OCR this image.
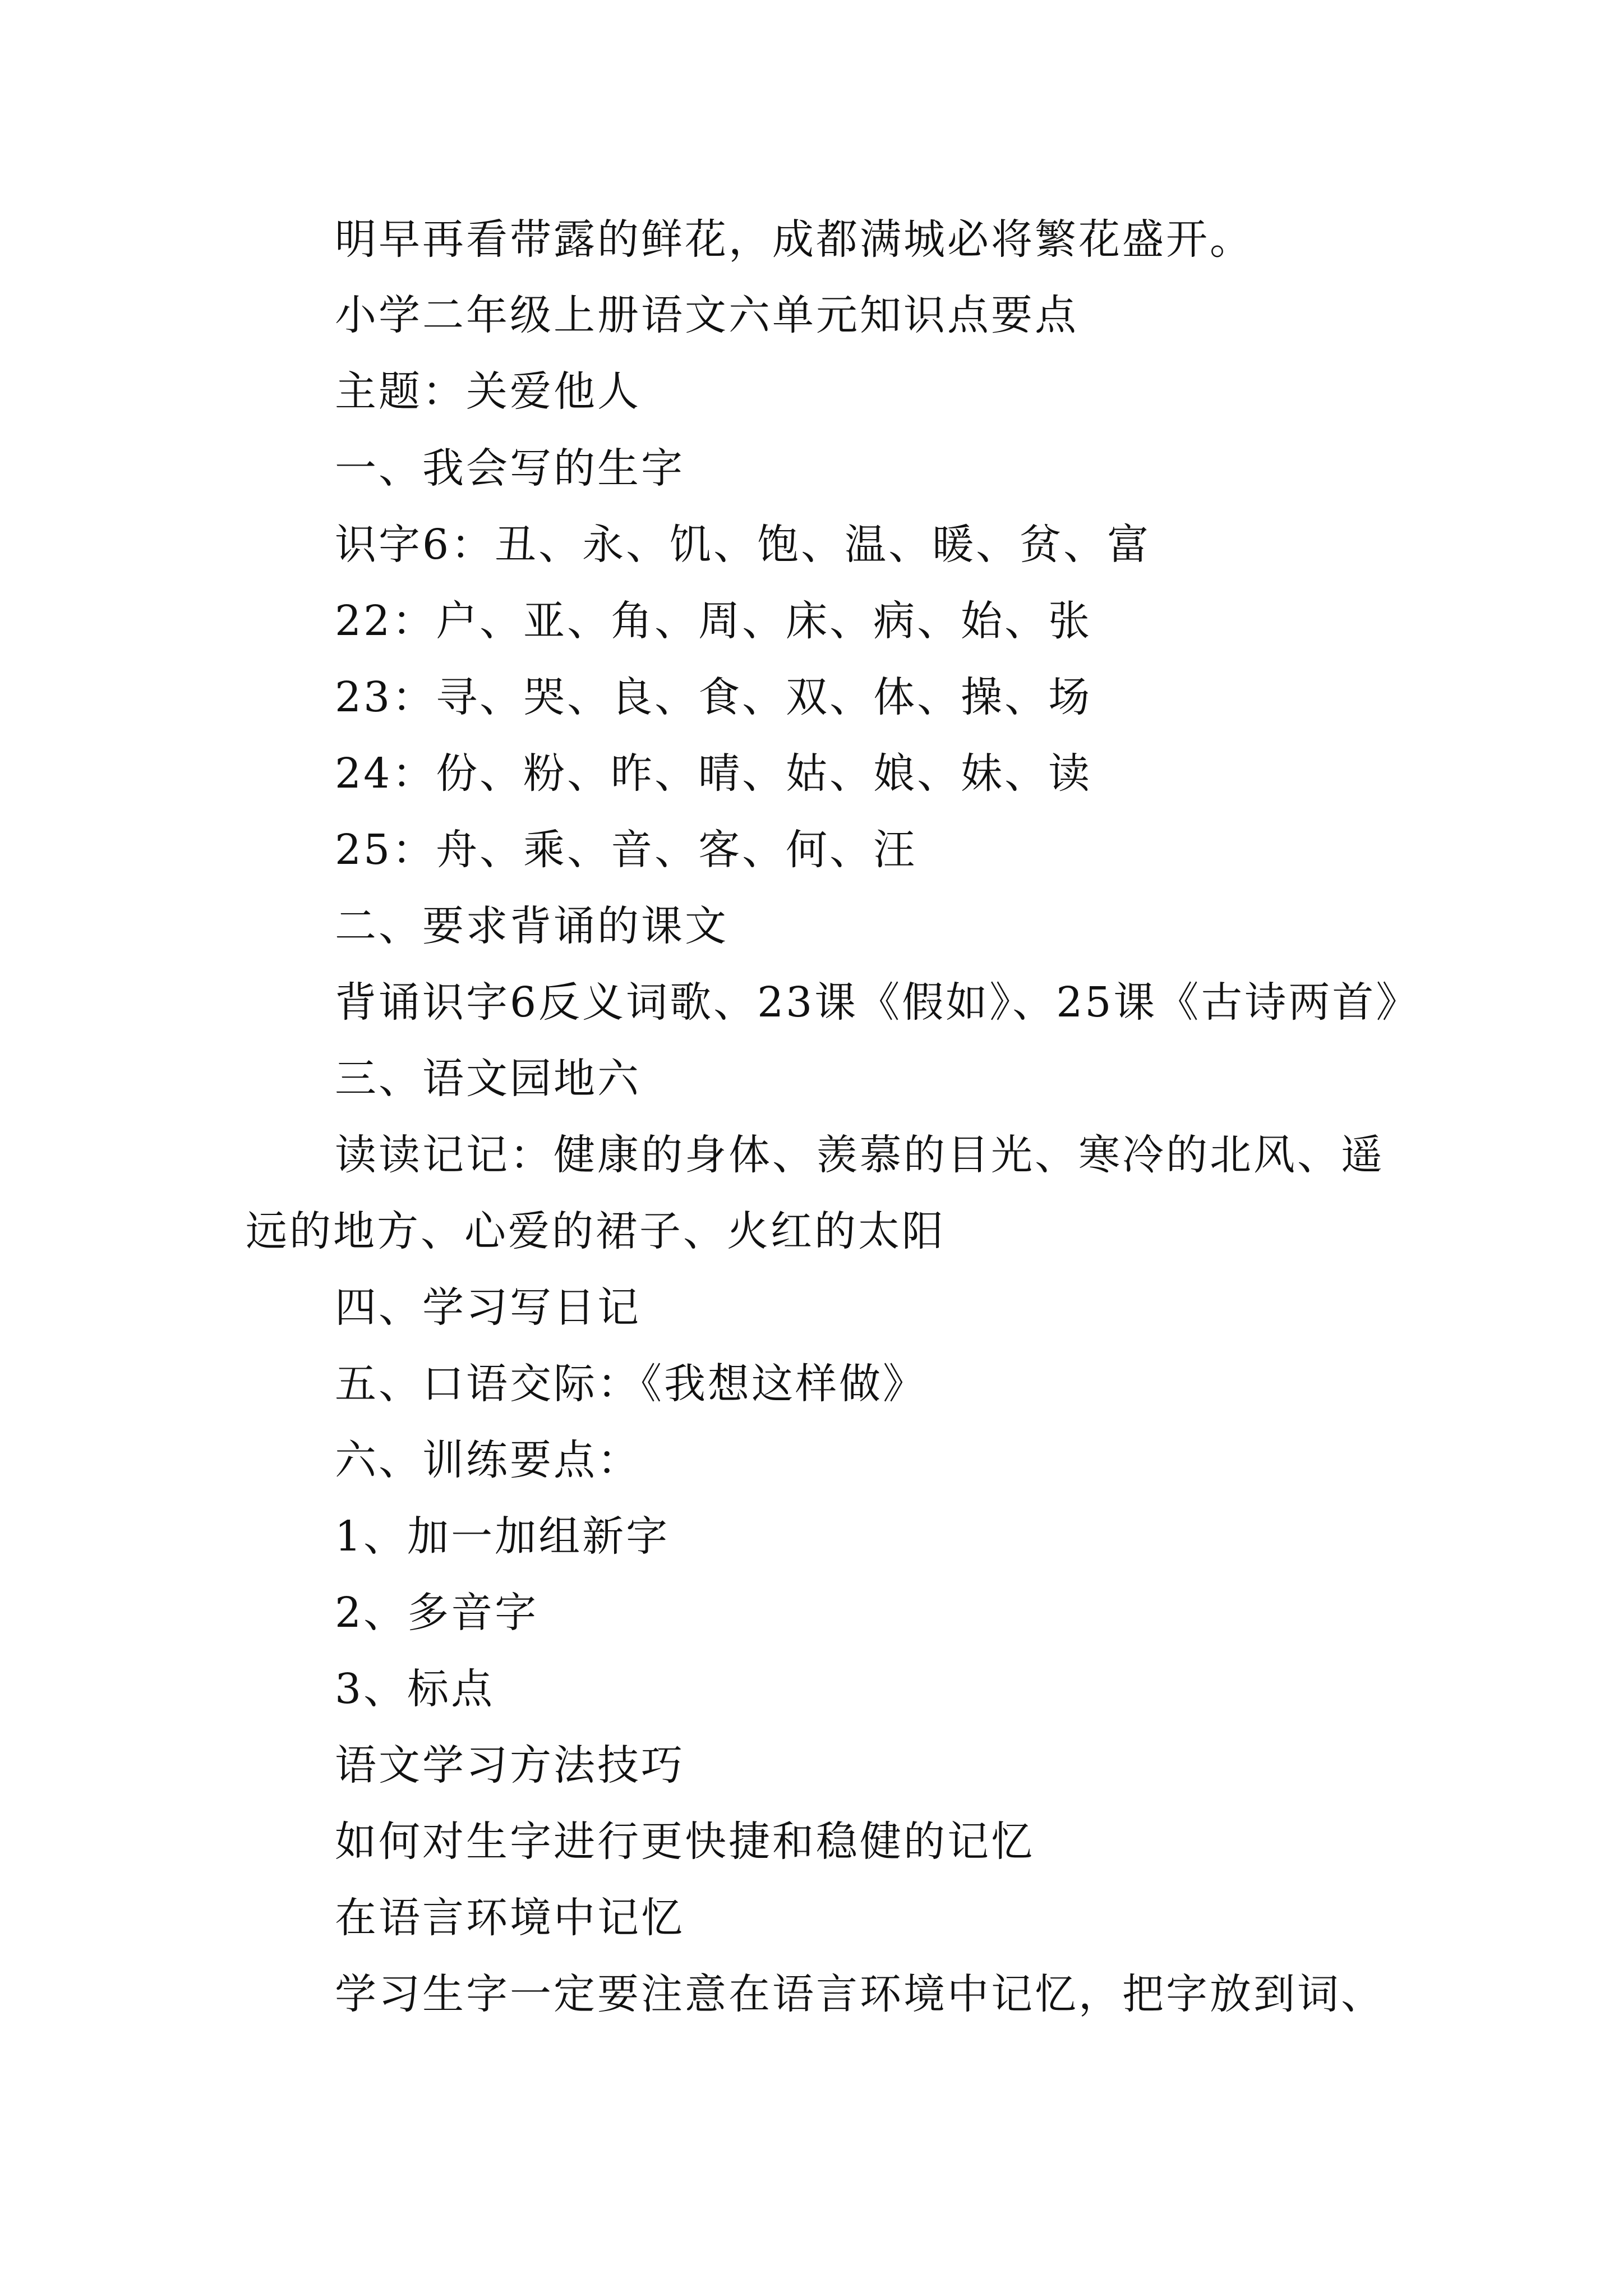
明早再看带露的鲜花，成都满城必将繁花盛开。
小学二年级上册语文六单元知识点要点
主题：关爱他人
一、我会写的生字
识字6：丑、永、饥、饱、温、暖、贫、富
22：户、亚、角、周、床、病、始、张
23：寻、哭、良、食、双、体、操、场
24：份、粉、昨、晴、姑、娘、妹、读
25：舟、乘、音、客、何、汪
二、要求背诵的课文
背诵识字6反义词歌、23课《假如》、25课《古诗两首》
三、语文园地六
读读记记：健康的身体、羡慕的目光、寒冷的北风、遥
远的地方、心爱的裙子、火红的太阳
四、学习写日记
五、口语交际：《我想这样做》
六、训练要点：
1、加一加组新字
2、多音字
3、标点
语文学习方法技巧
如何对生字进行更快捷和稳健的记忆
在语言环境中记忆
学习生字一定要注意在语言环境中记忆，把字放到词、
